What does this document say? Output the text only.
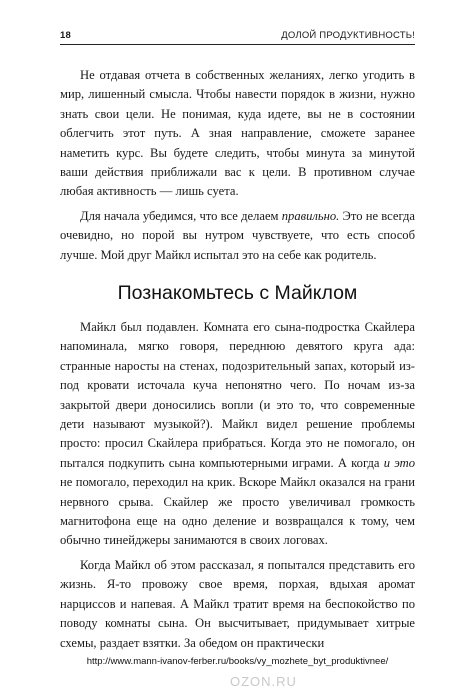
18	ДОЛОЙ ПРОДУКТИВНОСТЬ!

Не отдавая отчета в собственных желаниях, легко угодить в мир, лишенный смысла. Чтобы навести порядок в жизни, нужно знать свои цели. Не понимая, куда идете, вы не в состоянии облегчить этот путь. А зная направление, сможете заранее наметить курс. Вы будете следить, чтобы минута за минутой ваши действия приближали вас к цели. В противном случае любая активность — лишь суета.

Для начала убедимся, что все делаем правильно. Это не всегда очевидно, но порой вы нутром чувствуете, что есть способ лучше. Мой друг Майкл испытал это на себе как родитель.

Познакомьтесь с Майклом

Майкл был подавлен. Комната его сына-подростка Скайлера напоминала, мягко говоря, переднюю девятого круга ада: странные наросты на стенах, подозрительный запах, который из-под кровати источала куча непонятно чего. По ночам из-за закрытой двери доносились вопли (и это то, что современные дети называют музыкой?). Майкл видел решение проблемы просто: просил Скайлера прибраться. Когда это не помогало, он пытался подкупить сына компьютерными играми. А когда и это не помогало, переходил на крик. Вскоре Майкл оказался на грани нервного срыва. Скайлер же просто увеличивал громкость магнитофона еще на одно деление и возвращался к тому, чем обычно тинейджеры занимаются в своих логовах.

Когда Майкл об этом рассказал, я попытался представить его жизнь. Я-то провожу свое время, порхая, вдыхая аромат нарциссов и напевая. А Майкл тратит время на беспокойство по поводу комнаты сына. Он высчитывает, придумывает хитрые схемы, раздает взятки. За обедом он практически

http://www.mann-ivanov-ferber.ru/books/vy_mozhete_byt_produktivnee/
OZON.RU
